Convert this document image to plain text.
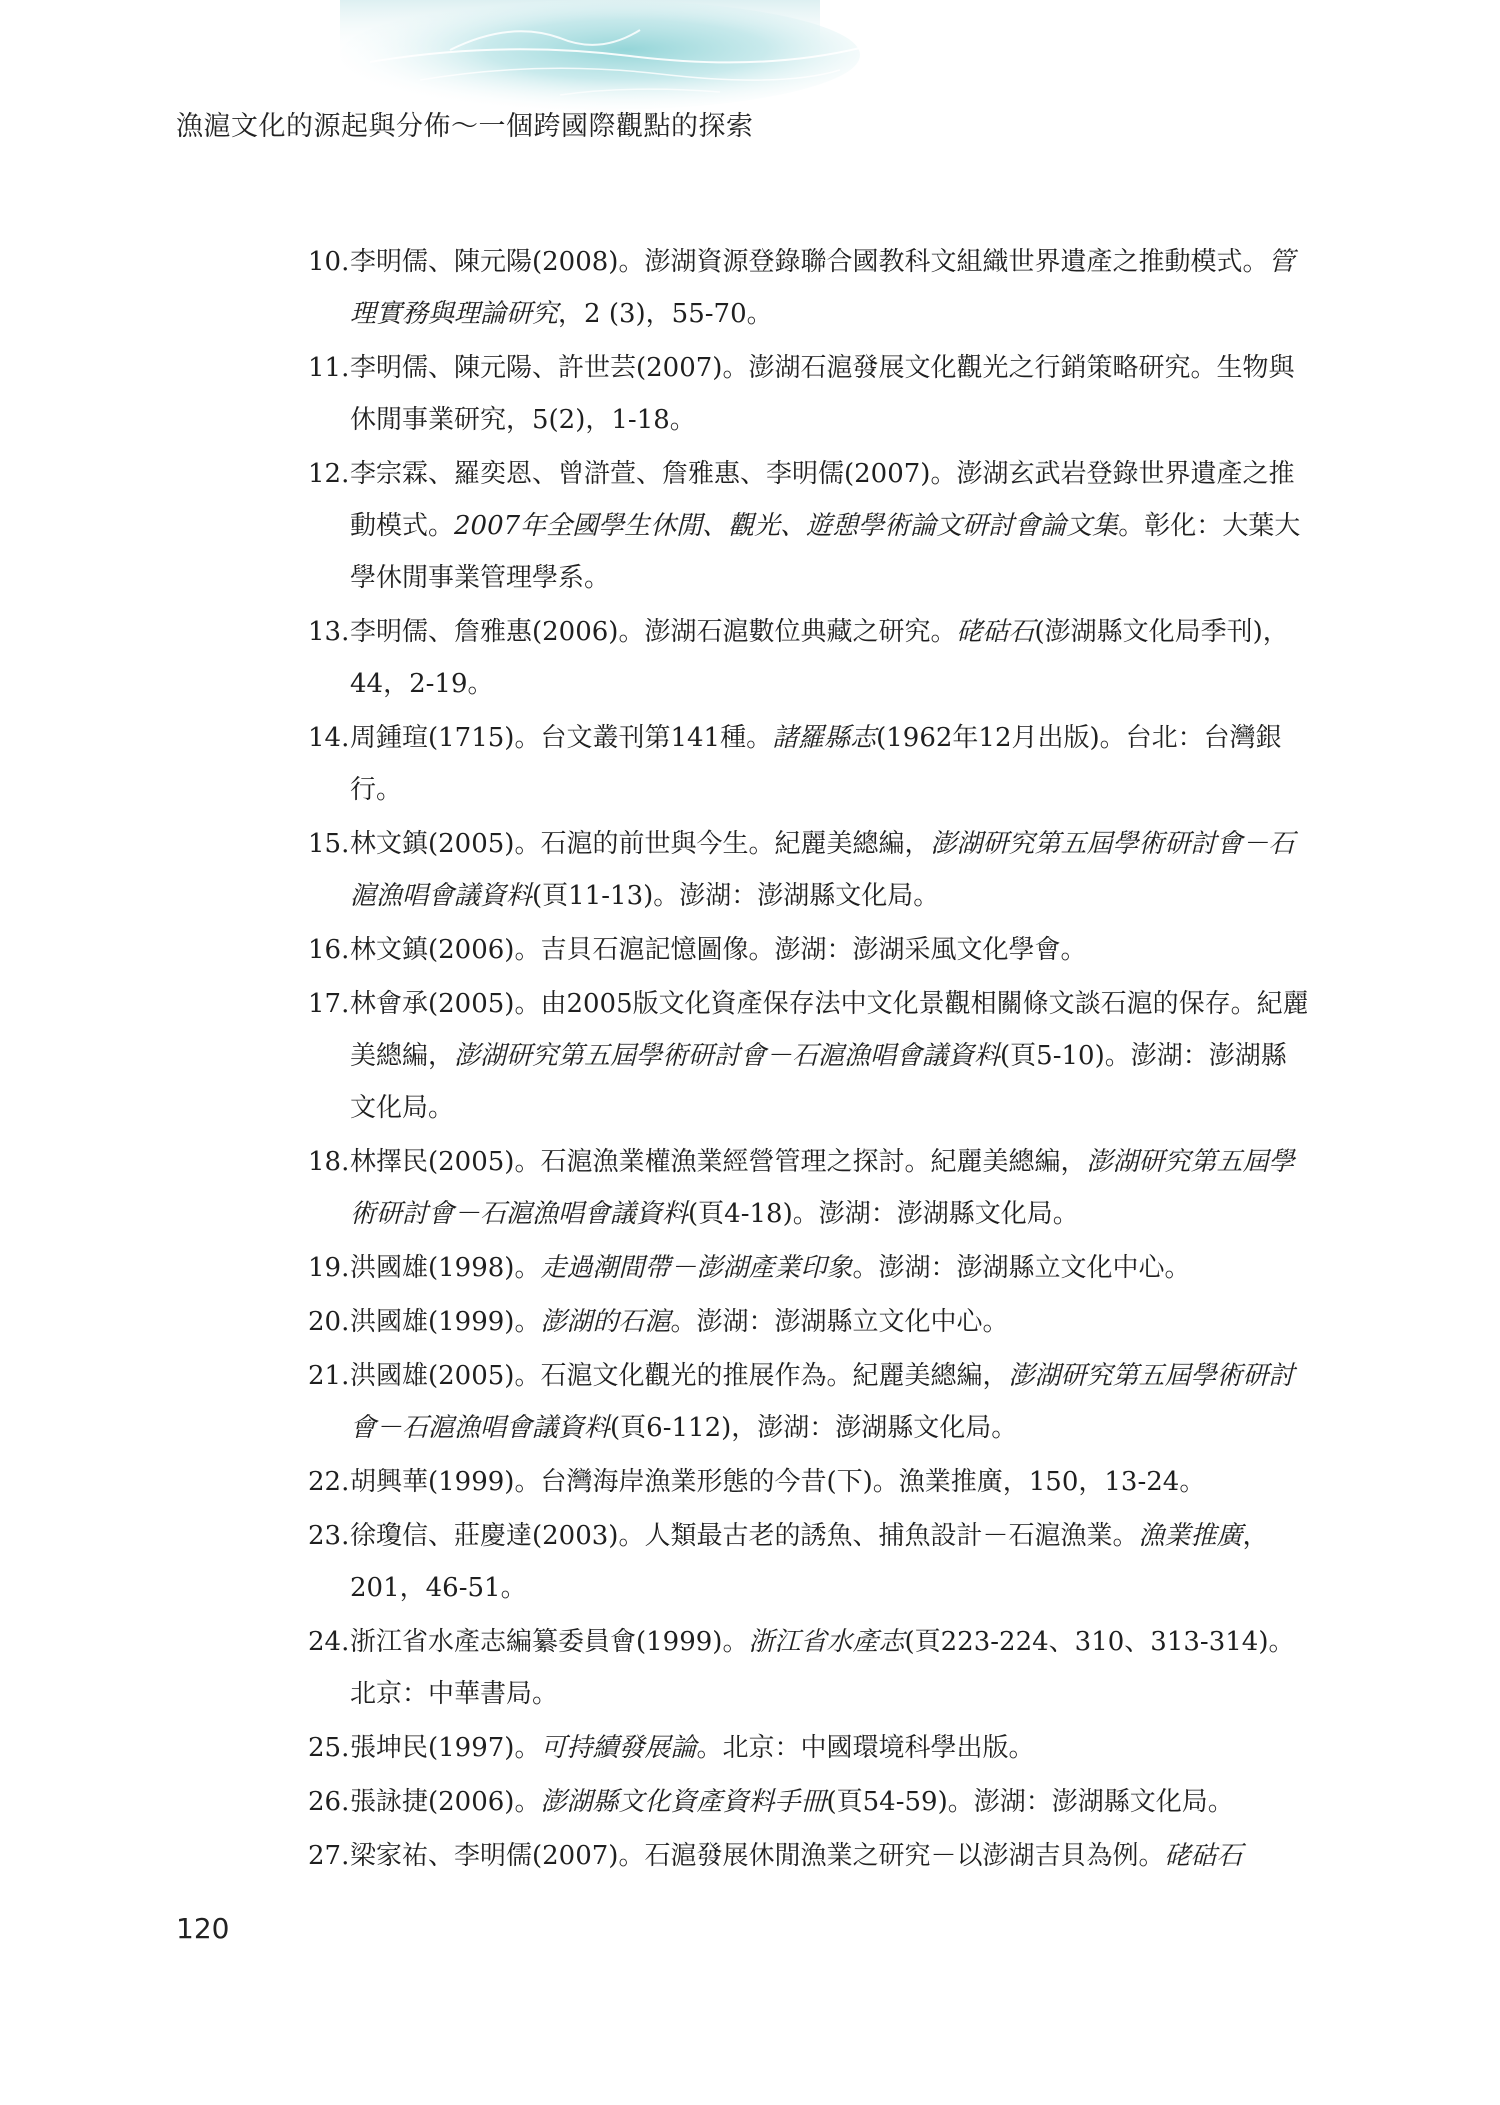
漁滬文化的源起與分佈～一個跨國際觀點的探索
10. 李明儒、陳元陽(2008)。澎湖資源登錄聯合國教科文組織世界遺產之推動模式。管理實務與理論研究，2 (3)，55-70。
11. 李明儒、陳元陽、許世芸(2007)。澎湖石滬發展文化觀光之行銷策略研究。生物與休閒事業研究，5(2)，1-18。
12. 李宗霖、羅奕恩、曾滸萱、詹雅惠、李明儒(2007)。澎湖玄武岩登錄世界遺產之推動模式。2007年全國學生休閒、觀光、遊憩學術論文研討會論文集。彰化：大葉大學休閒事業管理學系。
13. 李明儒、詹雅惠(2006)。澎湖石滬數位典藏之研究。硓𥑮石(澎湖縣文化局季刊)，44，2-19。
14. 周鍾瑄(1715)。台文叢刊第141種。諸羅縣志(1962年12月出版)。台北：台灣銀行。
15. 林文鎮(2005)。石滬的前世與今生。紀麗美總編，澎湖研究第五屆學術研討會－石滬漁唱會議資料(頁11-13)。澎湖：澎湖縣文化局。
16. 林文鎮(2006)。吉貝石滬記憶圖像。澎湖：澎湖采風文化學會。
17. 林會承(2005)。由2005版文化資產保存法中文化景觀相關條文談石滬的保存。紀麗美總編，澎湖研究第五屆學術研討會－石滬漁唱會議資料(頁5-10)。澎湖：澎湖縣文化局。
18. 林擇民(2005)。石滬漁業權漁業經營管理之探討。紀麗美總編，澎湖研究第五屆學術研討會－石滬漁唱會議資料(頁4-18)。澎湖：澎湖縣文化局。
19. 洪國雄(1998)。走過潮間帶－澎湖產業印象。澎湖：澎湖縣立文化中心。
20. 洪國雄(1999)。澎湖的石滬。澎湖：澎湖縣立文化中心。
21. 洪國雄(2005)。石滬文化觀光的推展作為。紀麗美總編，澎湖研究第五屆學術研討會－石滬漁唱會議資料(頁6-112)，澎湖：澎湖縣文化局。
22. 胡興華(1999)。台灣海岸漁業形態的今昔(下)。漁業推廣，150，13-24。
23. 徐瓊信、莊慶達(2003)。人類最古老的誘魚、捕魚設計－石滬漁業。漁業推廣，201，46-51。
24. 浙江省水產志編纂委員會(1999)。浙江省水產志(頁223-224、310、313-314)。北京：中華書局。
25. 張坤民(1997)。可持續發展論。北京：中國環境科學出版。
26. 張詠捷(2006)。澎湖縣文化資產資料手冊(頁54-59)。澎湖：澎湖縣文化局。
27. 梁家祐、李明儒(2007)。石滬發展休閒漁業之研究－以澎湖吉貝為例。硓𥑮石
120
